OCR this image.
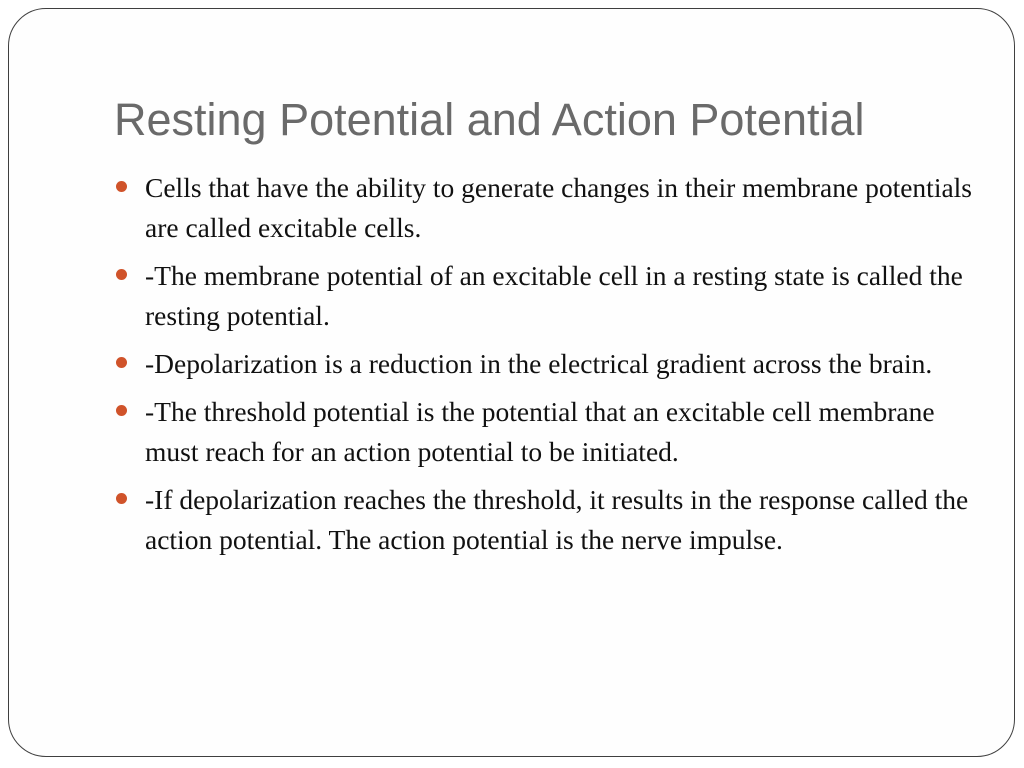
Resting Potential and Action Potential
Cells that have the ability to generate changes in their membrane potentials are called excitable cells.
-The membrane potential of an excitable cell in a resting state is called the resting potential.
-Depolarization is a reduction in the electrical gradient across the brain.
-The threshold potential is the potential that an excitable cell membrane must reach for an action potential to be initiated.
-If depolarization reaches the threshold, it results in the response called the action potential. The action potential is the nerve impulse.
